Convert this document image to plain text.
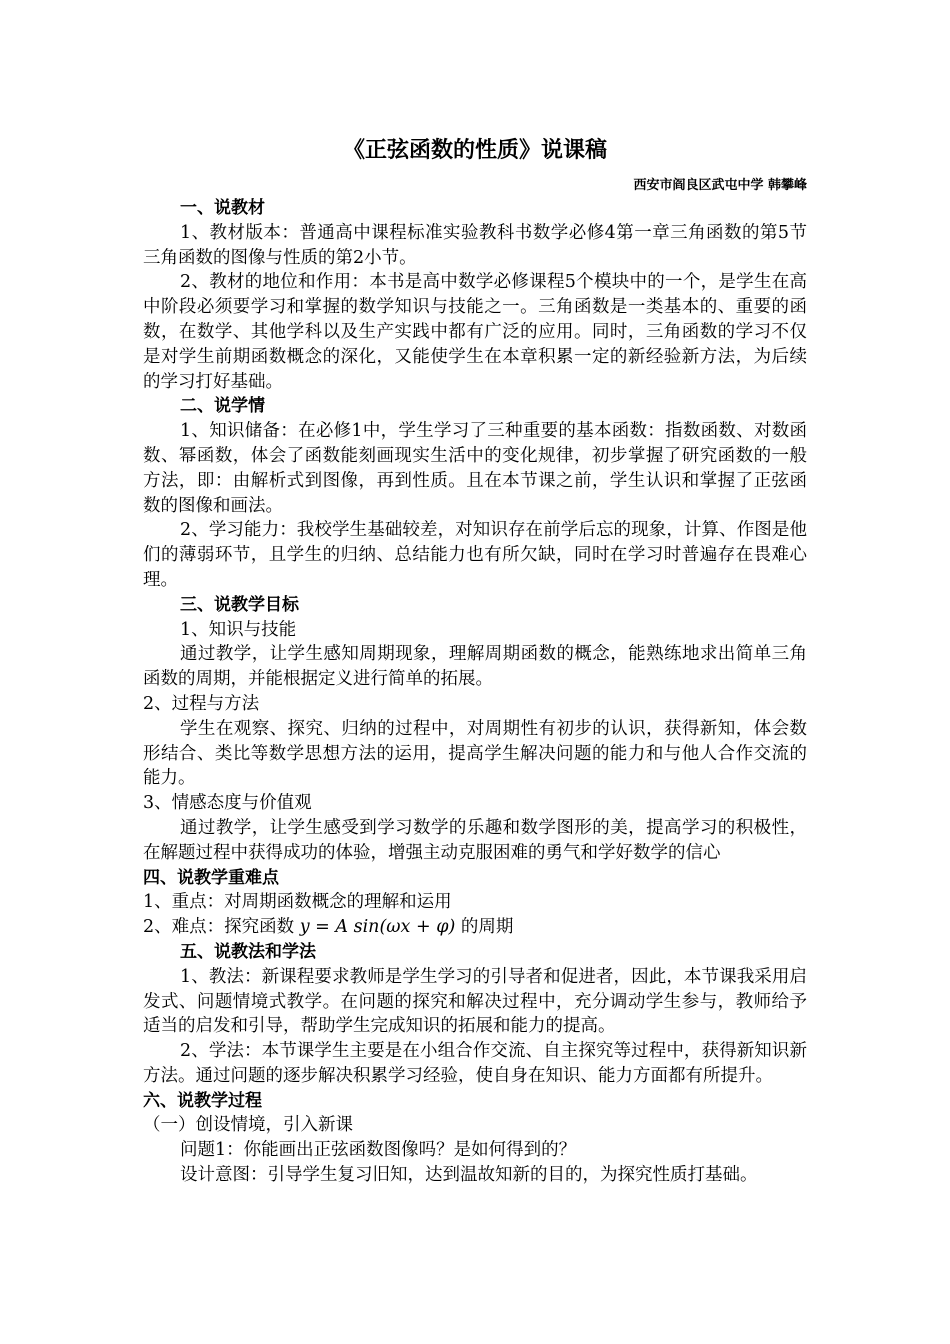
《正弦函数的性质》说课稿
西安市阎良区武屯中学 韩攀峰

一、说教材

1、教材版本：普通高中课程标准实验教科书数学必修4第一章三角函数的第5节三角函数的图像与性质的第2小节。

2、教材的地位和作用：本书是高中数学必修课程5个模块中的一个，是学生在高中阶段必须要学习和掌握的数学知识与技能之一。三角函数是一类基本的、重要的函数，在数学、其他学科以及生产实践中都有广泛的应用。同时，三角函数的学习不仅是对学生前期函数概念的深化，又能使学生在本章积累一定的新经验新方法，为后续的学习打好基础。

二、说学情

1、知识储备：在必修1中，学生学习了三种重要的基本函数：指数函数、对数函数、幂函数，体会了函数能刻画现实生活中的变化规律，初步掌握了研究函数的一般方法，即：由解析式到图像，再到性质。且在本节课之前，学生认识和掌握了正弦函数的图像和画法。

2、学习能力：我校学生基础较差，对知识存在前学后忘的现象，计算、作图是他们的薄弱环节，且学生的归纳、总结能力也有所欠缺，同时在学习时普遍存在畏难心理。

三、说教学目标

1、知识与技能

通过教学，让学生感知周期现象，理解周期函数的概念，能熟练地求出简单三角函数的周期，并能根据定义进行简单的拓展。

2、过程与方法

学生在观察、探究、归纳的过程中，对周期性有初步的认识，获得新知，体会数形结合、类比等数学思想方法的运用，提高学生解决问题的能力和与他人合作交流的能力。

3、情感态度与价值观

通过教学，让学生感受到学习数学的乐趣和数学图形的美，提高学习的积极性，在解题过程中获得成功的体验，增强主动克服困难的勇气和学好数学的信心

四、说教学重难点

1、重点：对周期函数概念的理解和运用

2、难点：探究函数 y = A sin(ωx + φ) 的周期

五、说教法和学法

1、教法：新课程要求教师是学生学习的引导者和促进者，因此，本节课我采用启发式、问题情境式教学。在问题的探究和解决过程中，充分调动学生参与，教师给予适当的启发和引导，帮助学生完成知识的拓展和能力的提高。

2、学法：本节课学生主要是在小组合作交流、自主探究等过程中，获得新知识新方法。通过问题的逐步解决积累学习经验，使自身在知识、能力方面都有所提升。

六、说教学过程

（一）创设情境，引入新课

问题1：你能画出正弦函数图像吗？是如何得到的？

设计意图：引导学生复习旧知，达到温故知新的目的，为探究性质打基础。
